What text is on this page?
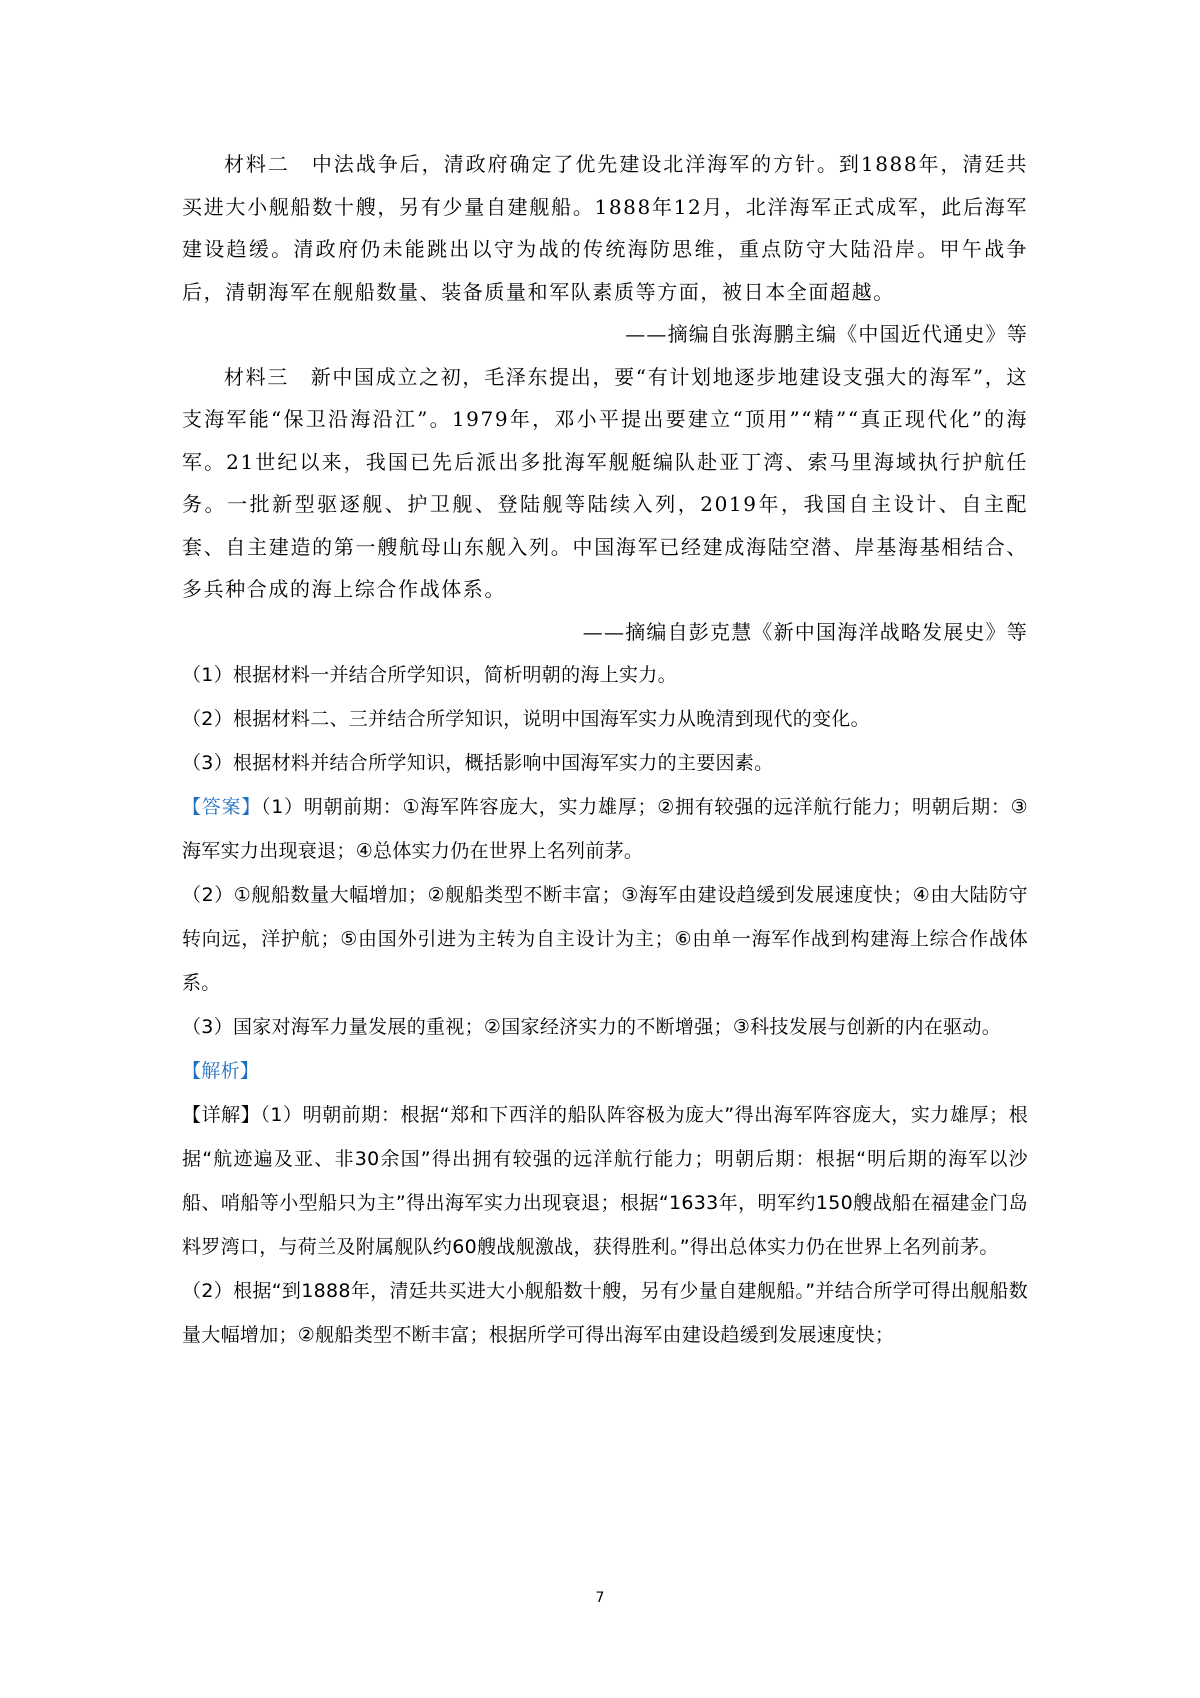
材料二　中法战争后，清政府确定了优先建设北洋海军的方针。到1888年，清廷共买进大小舰船数十艘，另有少量自建舰船。1888年12月，北洋海军正式成军，此后海军建设趋缓。清政府仍未能跳出以守为战的传统海防思维，重点防守大陆沿岸。甲午战争后，清朝海军在舰船数量、装备质量和军队素质等方面，被日本全面超越。

——摘编自张海鹏主编《中国近代通史》等

材料三　新中国成立之初，毛泽东提出，要“有计划地逐步地建设支强大的海军”，这支海军能“保卫沿海沿江”。1979年，邓小平提出要建立“顶用”“精”“真正现代化”的海军。21世纪以来，我国已先后派出多批海军舰艇编队赴亚丁湾、索马里海域执行护航任务。一批新型驱逐舰、护卫舰、登陆舰等陆续入列，2019年，我国自主设计、自主配套、自主建造的第一艘航母山东舰入列。中国海军已经建成海陆空潜、岸基海基相结合、多兵种合成的海上综合作战体系。

——摘编自彭克慧《新中国海洋战略发展史》等

（1）根据材料一并结合所学知识，简析明朝的海上实力。

（2）根据材料二、三并结合所学知识，说明中国海军实力从晚清到现代的变化。

（3）根据材料并结合所学知识，概括影响中国海军实力的主要因素。

【答案】（1）明朝前期：①海军阵容庞大，实力雄厚；②拥有较强的远洋航行能力；明朝后期：③海军实力出现衰退；④总体实力仍在世界上名列前茅。

（2）①舰船数量大幅增加；②舰船类型不断丰富；③海军由建设趋缓到发展速度快；④由大陆防守转向远，洋护航；⑤由国外引进为主转为自主设计为主；⑥由单一海军作战到构建海上综合作战体系。

（3）国家对海军力量发展的重视；②国家经济实力的不断增强；③科技发展与创新的内在驱动。

【解析】

【详解】（1）明朝前期：根据“郑和下西洋的船队阵容极为庞大”得出海军阵容庞大，实力雄厚；根据“航迹遍及亚、非30余国”得出拥有较强的远洋航行能力；明朝后期：根据“明后期的海军以沙船、哨船等小型船只为主”得出海军实力出现衰退；根据“1633年，明军约150艘战船在福建金门岛料罗湾口，与荷兰及附属舰队约60艘战舰激战，获得胜利。”得出总体实力仍在世界上名列前茅。

（2）根据“到1888年，清廷共买进大小舰船数十艘，另有少量自建舰船。”并结合所学可得出舰船数量大幅增加；②舰船类型不断丰富；根据所学可得出海军由建设趋缓到发展速度快；

7
